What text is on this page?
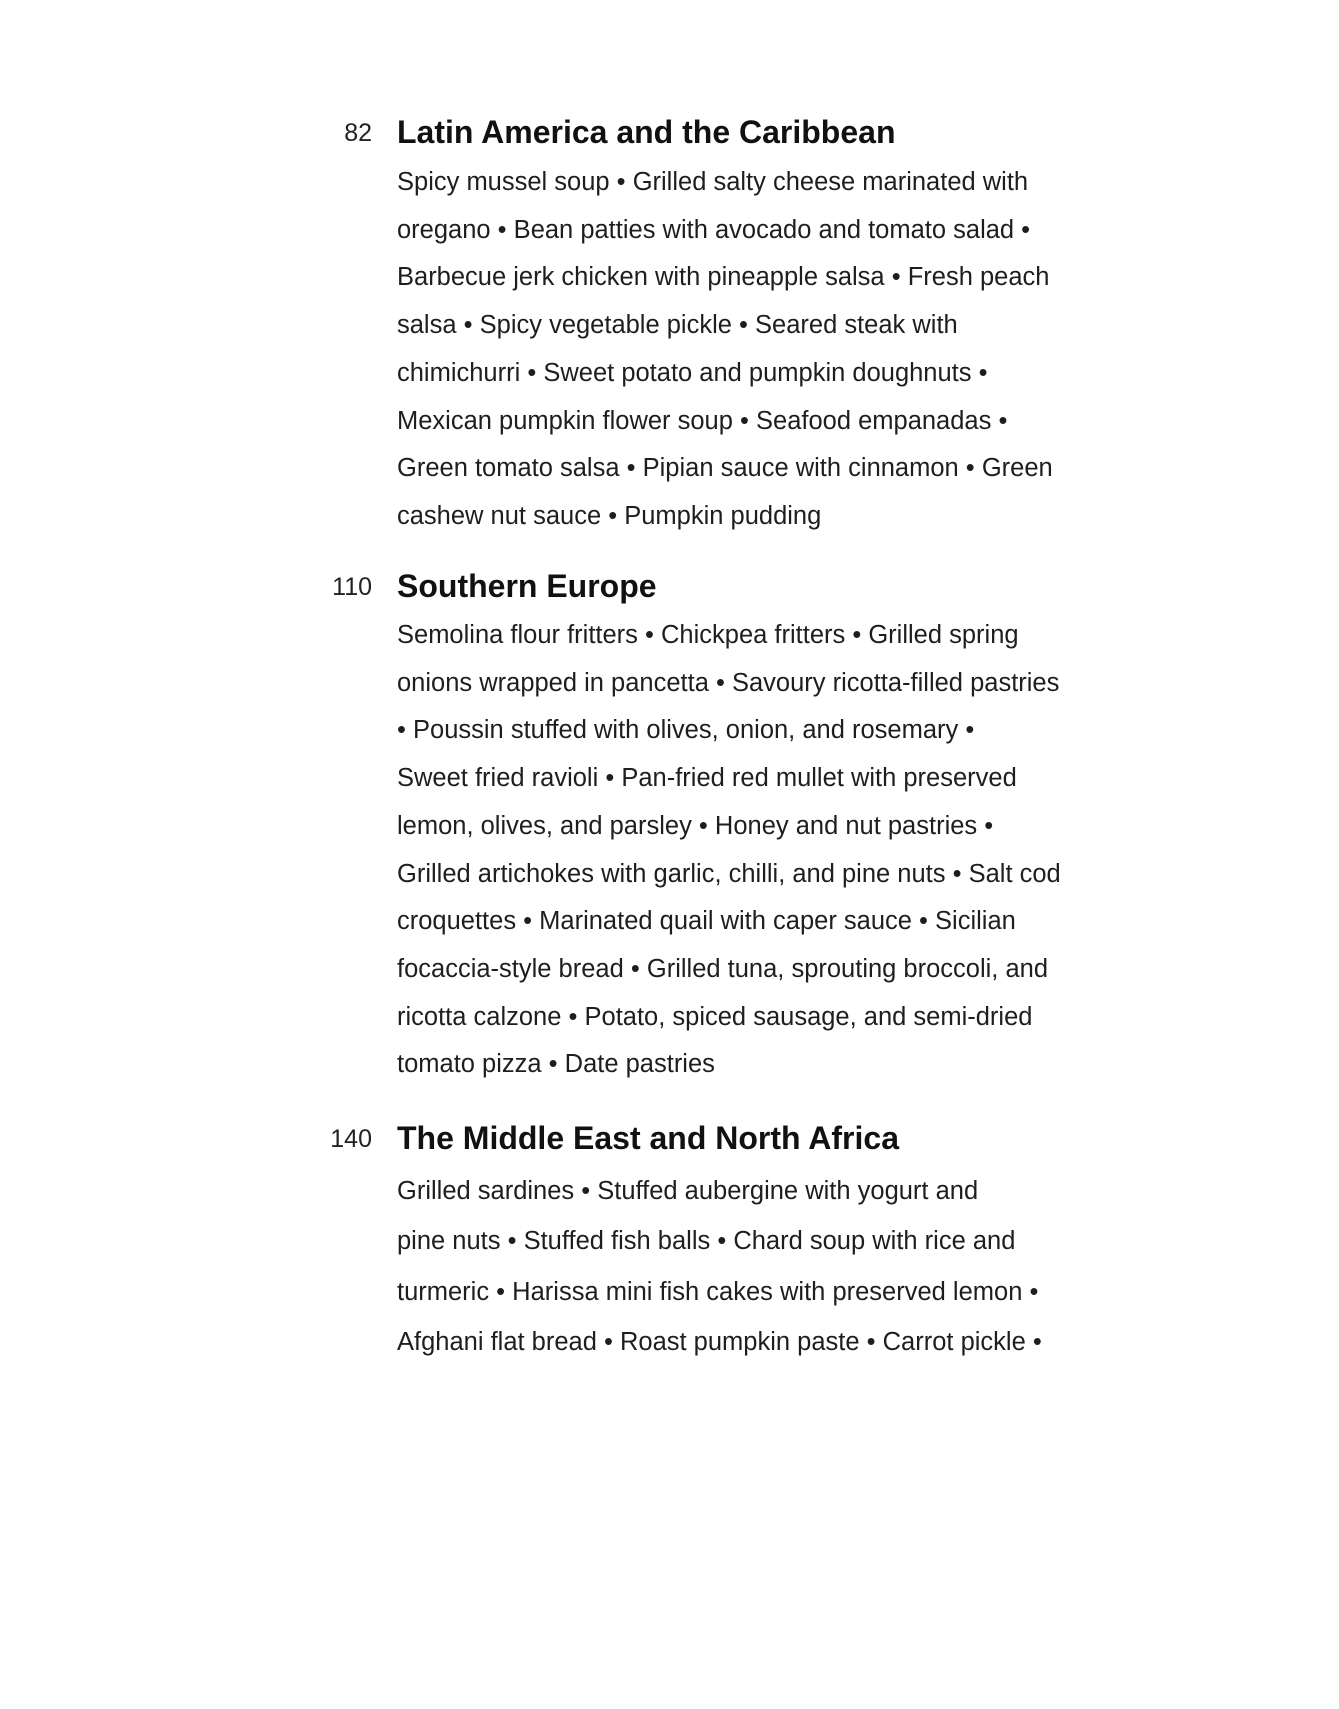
82 Latin America and the Caribbean
Spicy mussel soup • Grilled salty cheese marinated with
oregano • Bean patties with avocado and tomato salad •
Barbecue jerk chicken with pineapple salsa • Fresh peach
salsa • Spicy vegetable pickle • Seared steak with
chimichurri • Sweet potato and pumpkin doughnuts •
Mexican pumpkin flower soup • Seafood empanadas •
Green tomato salsa • Pipian sauce with cinnamon • Green
cashew nut sauce • Pumpkin pudding
110 Southern Europe
Semolina flour fritters • Chickpea fritters • Grilled spring
onions wrapped in pancetta • Savoury ricotta-filled pastries
• Poussin stuffed with olives, onion, and rosemary •
Sweet fried ravioli • Pan-fried red mullet with preserved
lemon, olives, and parsley • Honey and nut pastries •
Grilled artichokes with garlic, chilli, and pine nuts • Salt cod
croquettes • Marinated quail with caper sauce • Sicilian
focaccia-style bread • Grilled tuna, sprouting broccoli, and
ricotta calzone • Potato, spiced sausage, and semi-dried
tomato pizza • Date pastries
140 The Middle East and North Africa
Grilled sardines • Stuffed aubergine with yogurt and
pine nuts • Stuffed fish balls • Chard soup with rice and
turmeric • Harissa mini fish cakes with preserved lemon •
Afghani flat bread • Roast pumpkin paste • Carrot pickle •
